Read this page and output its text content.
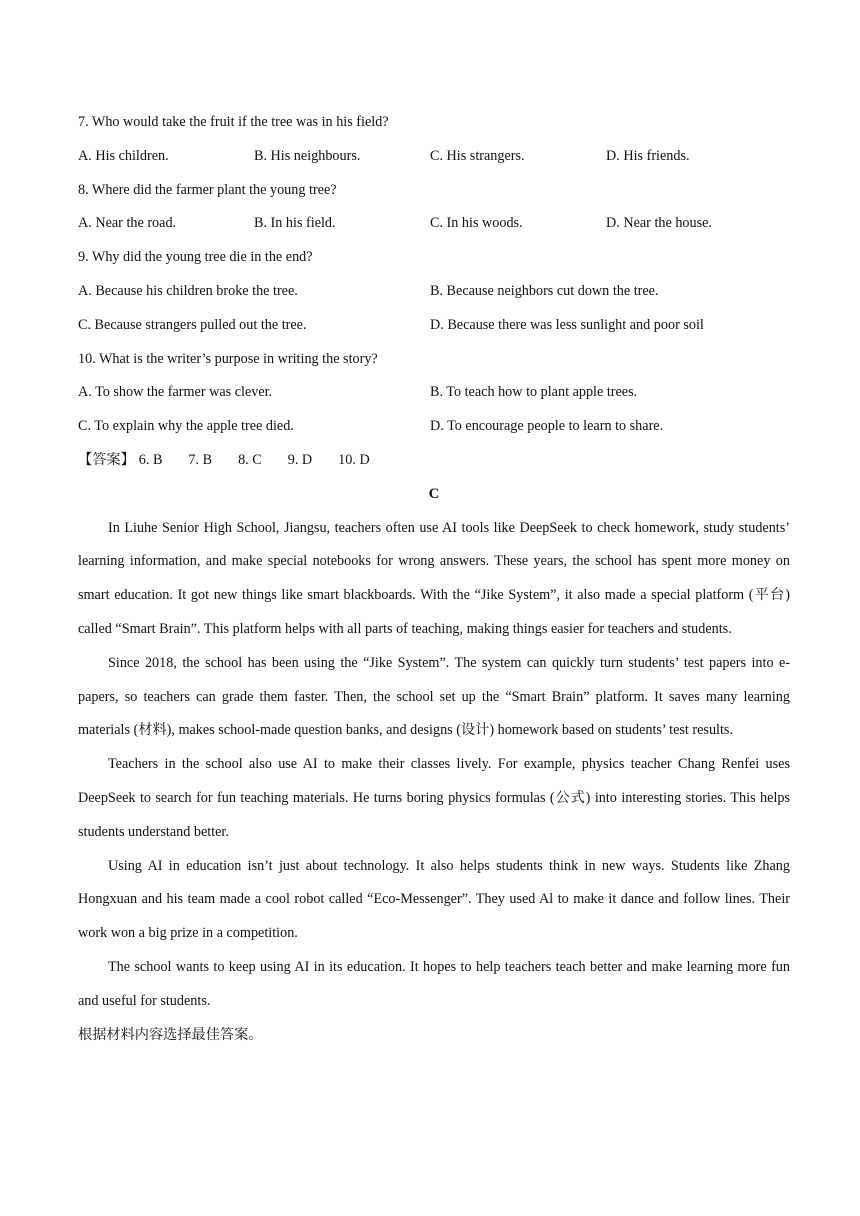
7. Who would take the fruit if the tree was in his field?

A. His children.	B. His neighbours.	C. His strangers.	D. His friends.

8. Where did the farmer plant the young tree?

A. Near the road.	B. In his field.	C. In his woods.	D. Near the house.

9. Why did the young tree die in the end?

A. Because his children broke the tree.	B. Because neighbors cut down the tree.
C. Because strangers pulled out the tree.	D. Because there was less sunlight and poor soil

10. What is the writer’s purpose in writing the story?

A. To show the farmer was clever.	B. To teach how to plant apple trees.
C. To explain why the apple tree died.	D. To encourage people to learn to share.

【答案】 6. B 7. B 8. C 9. D 10. D

C

In Liuhe Senior High School, Jiangsu, teachers often use AI tools like DeepSeek to check homework, study students’ learning information, and make special notebooks for wrong answers. These years, the school has spent more money on smart education. It got new things like smart blackboards. With the “Jike System”, it also made a special platform (平台) called “Smart Brain”. This platform helps with all parts of teaching, making things easier for teachers and students.

Since 2018, the school has been using the “Jike System”. The system can quickly turn students’ test papers into e-papers, so teachers can grade them faster. Then, the school set up the “Smart Brain” platform. It saves many learning materials (材料), makes school-made question banks, and designs (设计) homework based on students’ test results.

Teachers in the school also use AI to make their classes lively. For example, physics teacher Chang Renfei uses DeepSeek to search for fun teaching materials. He turns boring physics formulas (公式) into interesting stories. This helps students understand better.

Using AI in education isn’t just about technology. It also helps students think in new ways. Students like Zhang Hongxuan and his team made a cool robot called “Eco-Messenger”. They used Al to make it dance and follow lines. Their work won a big prize in a competition.

The school wants to keep using AI in its education. It hopes to help teachers teach better and make learning more fun and useful for students.

根据材料内容选择最佳答案。
